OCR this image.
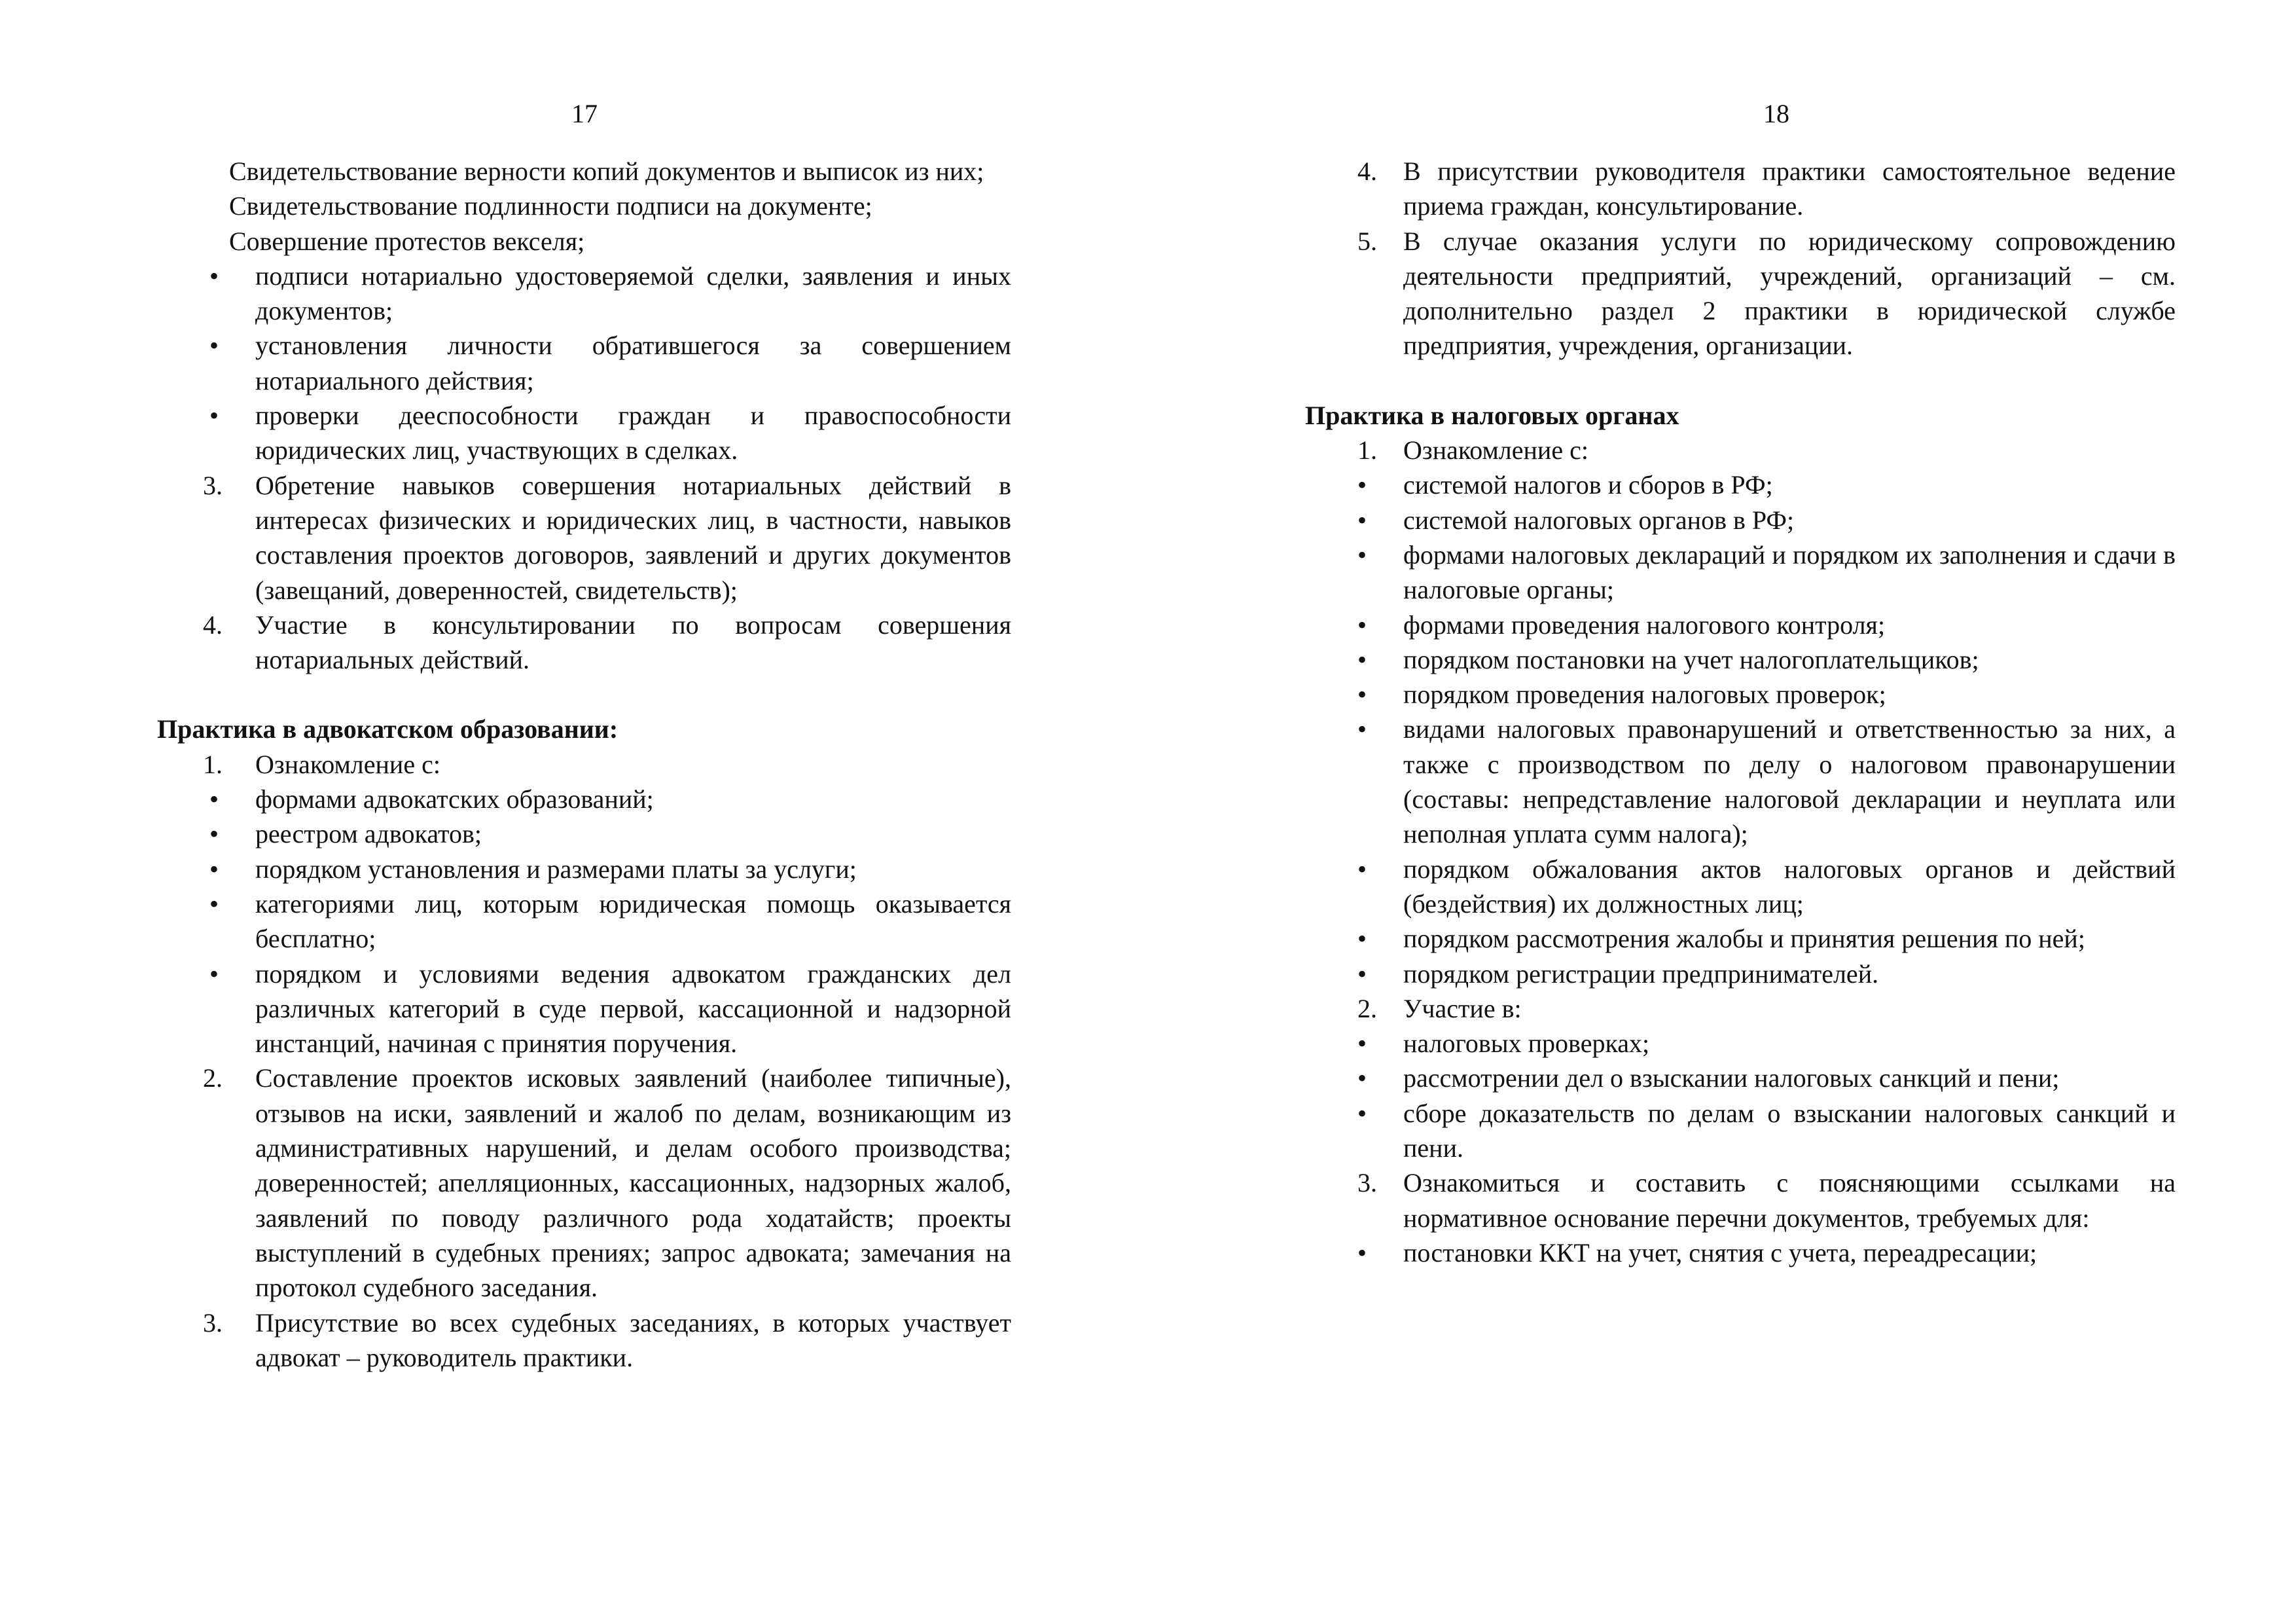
17
Свидетельствование верности копий документов и выписок из них;
Свидетельствование подлинности подписи на документе;
Совершение протестов векселя;
•	подписи нотариально удостоверяемой сделки, заявления и иных документов;
•	установления личности обратившегося за совершением нотариального действия;
•	проверки дееспособности граждан и правоспособности юридических лиц, участвующих в сделках.
3.	Обретение навыков совершения нотариальных действий в интересах физических и юридических лиц, в частности, навыков составления проектов договоров, заявлений и других документов (завещаний, доверенностей, свидетельств);
4.	Участие в консультировании по вопросам совершения нотариальных действий.
Практика в адвокатском образовании:
1.	Ознакомление с:
•	формами адвокатских образований;
•	реестром адвокатов;
•	порядком установления и размерами платы за услуги;
•	категориями лиц, которым юридическая помощь оказывается бесплатно;
•	порядком и условиями ведения адвокатом гражданских дел различных категорий в суде первой, кассационной и надзорной инстанций, начиная с принятия поручения.
2.	Составление проектов исковых заявлений (наиболее типичные), отзывов на иски, заявлений и жалоб по делам, возникающим из административных нарушений, и делам особого производства; доверенностей; апелляционных, кассационных, надзорных жалоб, заявлений по поводу различного рода ходатайств; проекты выступлений в судебных прениях; запрос адвоката; замечания на протокол судебного заседания.
3.	Присутствие во всех судебных заседаниях, в которых участвует адвокат – руководитель практики.
18
4.	В присутствии руководителя практики самостоятельное ведение приема граждан, консультирование.
5.	В случае оказания услуги по юридическому сопровождению деятельности предприятий, учреждений, организаций – см. дополнительно раздел 2 практики в юридической службе предприятия, учреждения, организации.
Практика в налоговых органах
1.	Ознакомление с:
•	системой налогов и сборов в РФ;
•	системой налоговых органов в РФ;
•	формами налоговых деклараций и порядком их заполнения и сдачи в налоговые органы;
•	формами проведения налогового контроля;
•	порядком постановки на учет налогоплательщиков;
•	порядком проведения налоговых проверок;
•	видами налоговых правонарушений и ответственностью за них, а также с производством по делу о налоговом правонарушении (составы: непредставление налоговой декларации и неуплата или неполная уплата сумм налога);
•	порядком обжалования актов налоговых органов и действий (бездействия) их должностных лиц;
•	порядком рассмотрения жалобы и принятия решения по ней;
•	порядком регистрации предпринимателей.
2.	Участие в:
•	налоговых проверках;
•	рассмотрении дел о взыскании налоговых санкций и пени;
•	сборе доказательств по делам о взыскании налоговых санкций и пени.
3.	Ознакомиться и составить с поясняющими ссылками на нормативное основание перечни документов, требуемых для:
•	постановки ККТ на учет, снятия с учета, переадресации;
